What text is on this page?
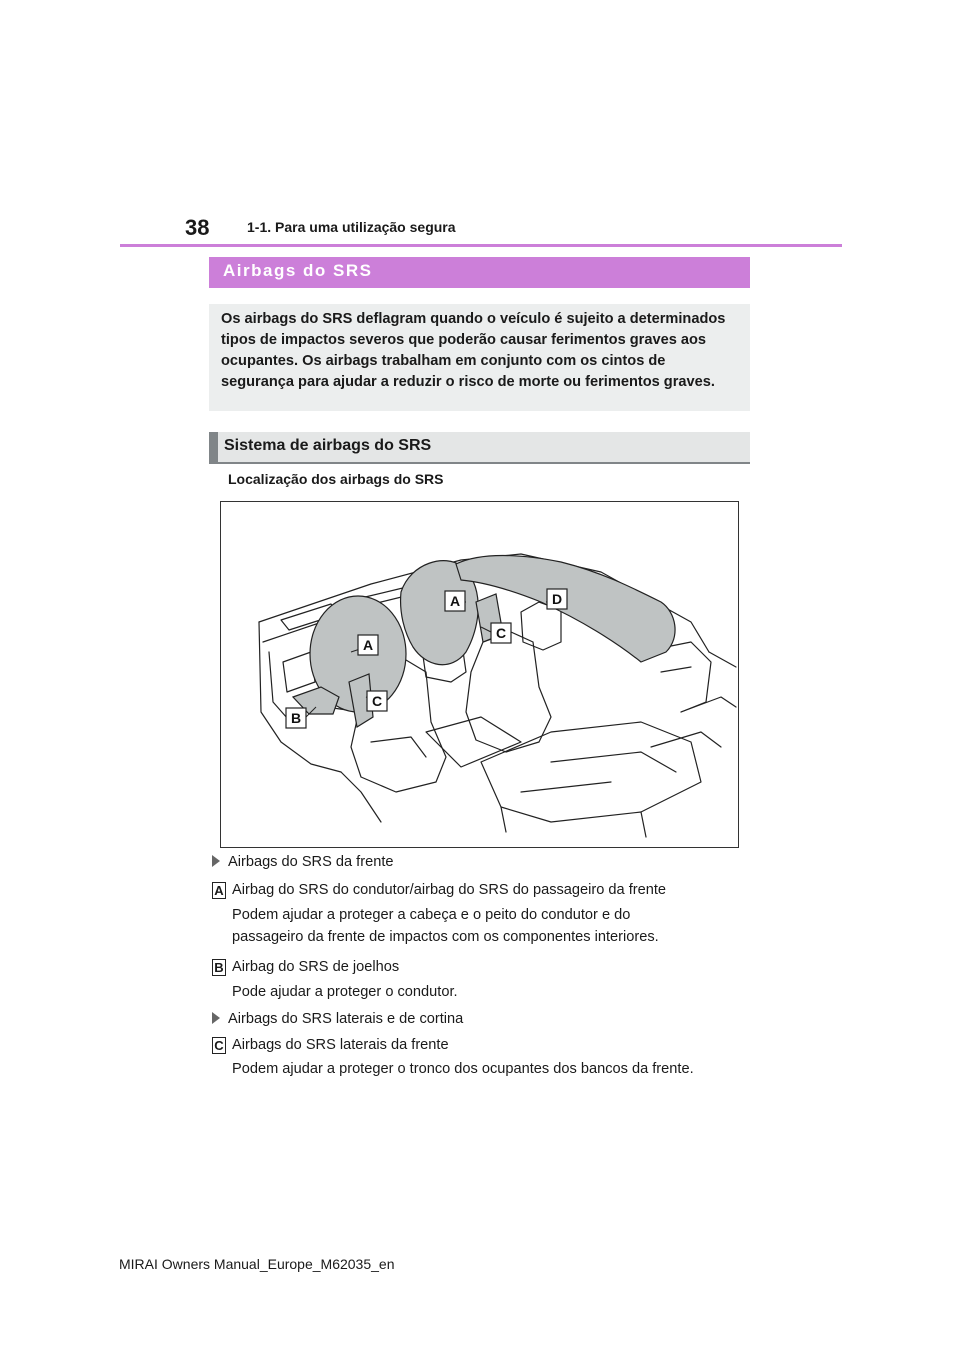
38	1-1. Para uma utilização segura
Airbags do SRS
Os airbags do SRS deflagram quando o veículo é sujeito a determinados tipos de impactos severos que poderão causar ferimentos graves aos ocupantes. Os airbags trabalham em conjunto com os cintos de segurança para ajudar a reduzir o risco de morte ou ferimentos graves.
Sistema de airbags do SRS
Localização dos airbags do SRS
A	D
C
A
C
B
Airbags do SRS da frente
A Airbag do SRS do condutor/airbag do SRS do passageiro da frente
Podem ajudar a proteger a cabeça e o peito do condutor e do
passageiro da frente de impactos com os componentes interiores.
B Airbag do SRS de joelhos
Pode ajudar a proteger o condutor.
Airbags do SRS laterais e de cortina
C Airbags do SRS laterais da frente
Podem ajudar a proteger o tronco dos ocupantes dos bancos da frente.
MIRAI Owners Manual_Europe_M62035_en
